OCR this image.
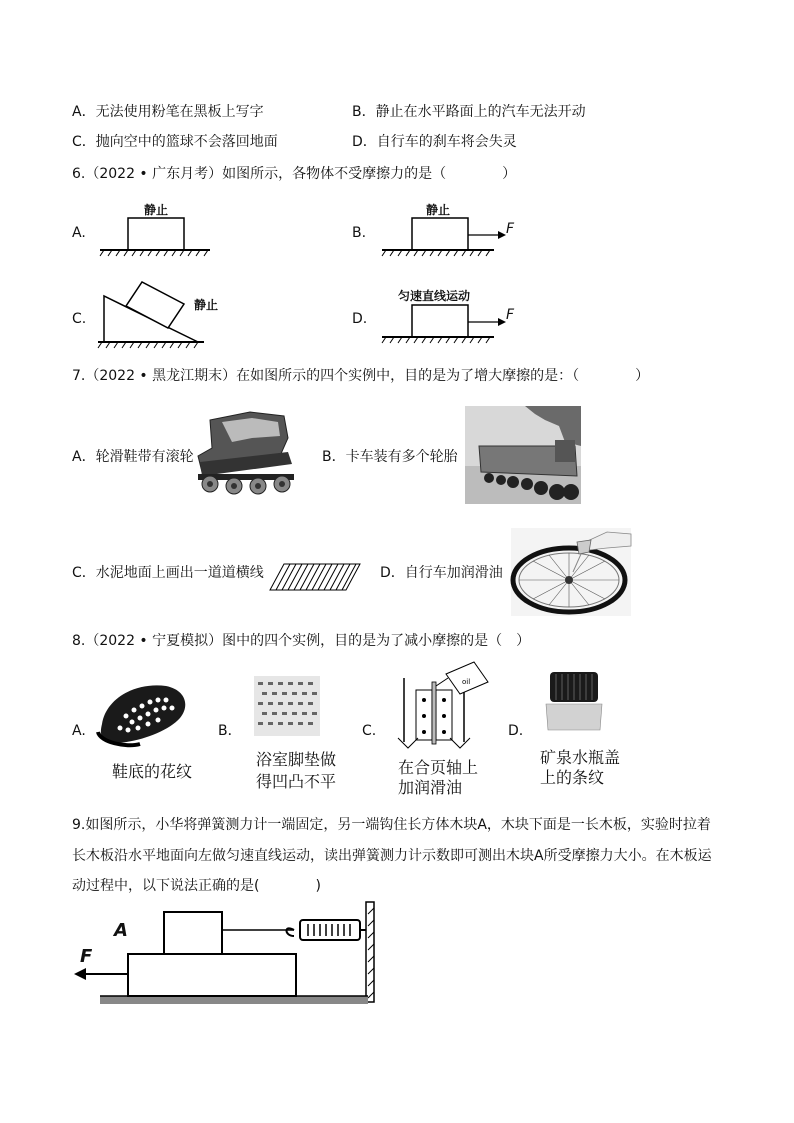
A．无法使用粉笔在黑板上写字	B．静止在水平路面上的汽车无法开动
C．抛向空中的篮球不会落回地面	D．自行车的刹车将会失灵
6.（2022 • 广东月考）如图所示，各物体不受摩擦力的是（　　　　）
A.
静止
B.
静止
F
C.
静止
D.
匀速直线运动
F
7.（2022 • 黑龙江期末）在如图所示的四个实例中，目的是为了增大摩擦的是：（　　　　）
A．轮滑鞋带有滚轮	B．卡车装有多个轮胎
C．水泥地面上画出一道道横线	D．自行车加润滑油
8.（2022 • 宁夏模拟）图中的四个实例，目的是为了减小摩擦的是（　）
A.
鞋底的花纹
B．
浴室脚垫做
得凹凸不平
C.
oil
在合页轴上
加润滑油
D.
矿泉水瓶盖
上的条纹
9.如图所示，小华将弹簧测力计一端固定，另一端钩住长方体木块A，木块下面是一长木板，实验时拉着
长木板沿水平地面向左做匀速直线运动，读出弹簧测力计示数即可测出木块A所受摩擦力大小。在木板运
动过程中，以下说法正确的是(　　　　)
A
F
